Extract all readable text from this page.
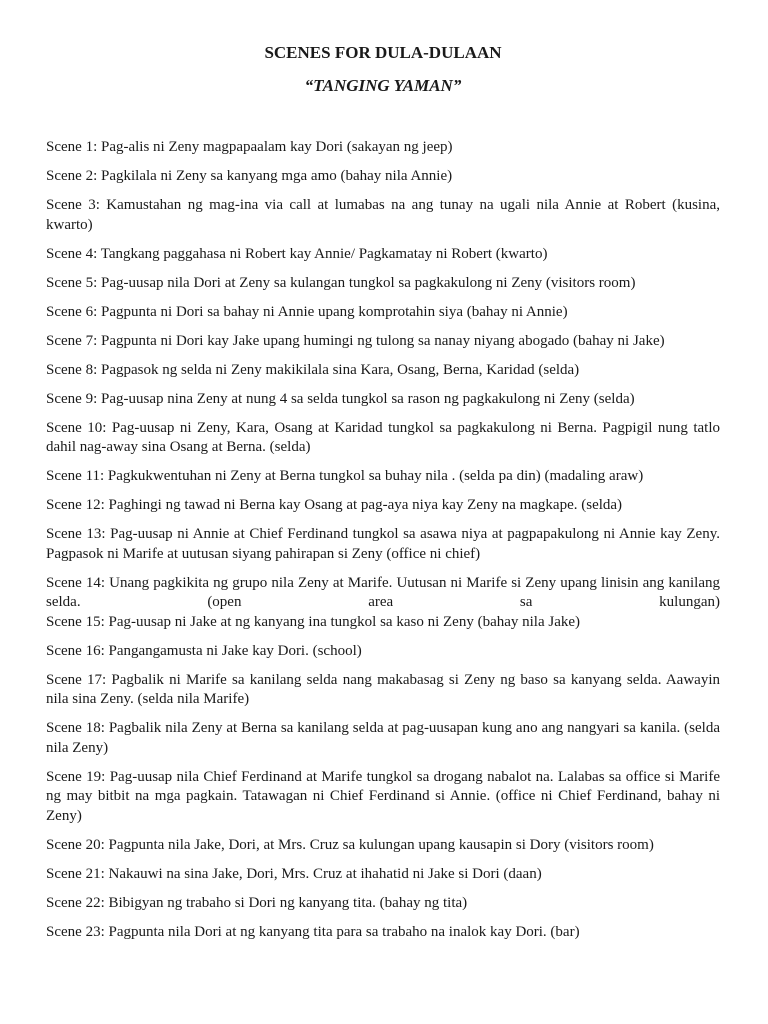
SCENES FOR DULA-DULAAN
“TANGING YAMAN”
Scene 1: Pag-alis ni Zeny magpapaalam kay Dori (sakayan ng jeep)
Scene 2: Pagkilala ni Zeny sa kanyang mga amo (bahay nila Annie)
Scene 3: Kamustahan ng mag-ina via call at lumabas na ang tunay na ugali nila Annie at Robert (kusina, kwarto)
Scene 4: Tangkang paggahasa ni Robert kay Annie/ Pagkamatay ni Robert (kwarto)
Scene 5: Pag-uusap nila Dori at Zeny sa kulangan tungkol sa pagkakulong ni Zeny (visitors room)
Scene 6: Pagpunta ni Dori sa bahay ni Annie upang komprotahin siya (bahay ni Annie)
Scene 7: Pagpunta ni Dori kay Jake upang humingi ng tulong sa nanay niyang abogado (bahay ni Jake)
Scene 8: Pagpasok ng selda ni Zeny makikilala sina Kara, Osang, Berna, Karidad (selda)
Scene 9: Pag-uusap nina Zeny at nung 4 sa selda tungkol sa rason ng pagkakulong ni Zeny (selda)
Scene 10: Pag-uusap ni Zeny, Kara, Osang at Karidad tungkol sa pagkakulong ni Berna. Pagpigil nung tatlo dahil nag-away sina Osang at Berna. (selda)
Scene 11: Pagkukwentuhan ni Zeny at Berna tungkol sa buhay nila . (selda pa din) (madaling araw)
Scene 12: Paghingi ng tawad ni Berna kay Osang at pag-aya niya kay Zeny na magkape. (selda)
Scene 13: Pag-uusap ni Annie at Chief Ferdinand tungkol sa asawa niya at pagpapakulong ni Annie kay Zeny. Pagpasok ni Marife at uutusan siyang pahirapan si Zeny (office ni chief)
Scene 14: Unang pagkikita ng grupo nila Zeny at Marife. Uutusan ni Marife si Zeny upang linisin ang kanilang selda. (open area sa kulungan)
Scene 15: Pag-uusap ni Jake at ng kanyang ina tungkol sa kaso ni Zeny (bahay nila Jake)
Scene 16: Pangangamusta ni Jake kay Dori. (school)
Scene 17: Pagbalik ni Marife sa kanilang selda nang makabasag si Zeny ng baso sa kanyang selda. Aawayin nila sina Zeny. (selda nila Marife)
Scene 18: Pagbalik nila Zeny at Berna sa kanilang selda at pag-uusapan kung ano ang nangyari sa kanila. (selda nila Zeny)
Scene 19: Pag-uusap nila Chief Ferdinand at Marife tungkol sa drogang nabalot na. Lalabas sa office si Marife ng may bitbit na mga pagkain. Tatawagan ni Chief Ferdinand si Annie. (office ni Chief Ferdinand, bahay ni Zeny)
Scene 20: Pagpunta nila Jake, Dori, at Mrs. Cruz sa kulungan upang kausapin si Dory (visitors room)
Scene 21: Nakauwi na sina Jake, Dori, Mrs. Cruz at ihahatid ni Jake si Dori (daan)
Scene 22: Bibigyan ng trabaho si Dori ng kanyang tita. (bahay ng tita)
Scene 23: Pagpunta nila Dori at ng kanyang tita para sa trabaho na inalok kay Dori. (bar)
